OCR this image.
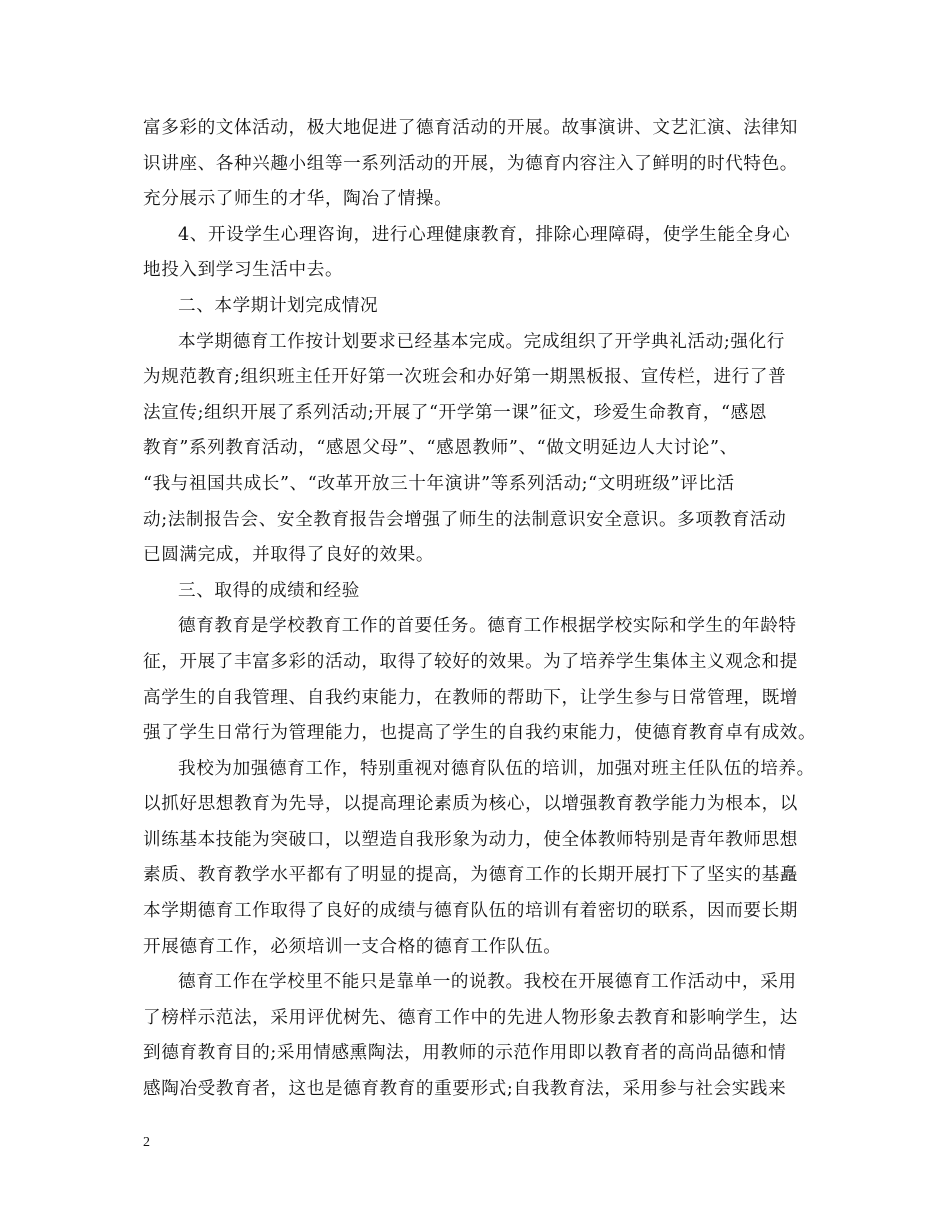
富多彩的文体活动，极大地促进了德育活动的开展。故事演讲、文艺汇演、法律知
识讲座、各种兴趣小组等一系列活动的开展，为德育内容注入了鲜明的时代特色。
充分展示了师生的才华，陶冶了情操。
4、开设学生心理咨询，进行心理健康教育，排除心理障碍，使学生能全身心
地投入到学习生活中去。
二、本学期计划完成情况
本学期德育工作按计划要求已经基本完成。完成组织了开学典礼活动;强化行
为规范教育;组织班主任开好第一次班会和办好第一期黑板报、宣传栏，进行了普
法宣传;组织开展了系列活动;开展了“开学第一课”征文，珍爱生命教育，“感恩
教育”系列教育活动，“感恩父母”、“感恩教师”、“做文明延边人大讨论”、
“我与祖国共成长”、“改革开放三十年演讲”等系列活动;“文明班级”评比活
动;法制报告会、安全教育报告会增强了师生的法制意识安全意识。多项教育活动
已圆满完成，并取得了良好的效果。
三、取得的成绩和经验
德育教育是学校教育工作的首要任务。德育工作根据学校实际和学生的年龄特
征，开展了丰富多彩的活动，取得了较好的效果。为了培养学生集体主义观念和提
高学生的自我管理、自我约束能力，在教师的帮助下，让学生参与日常管理，既增
强了学生日常行为管理能力，也提高了学生的自我约束能力，使德育教育卓有成效。
我校为加强德育工作，特别重视对德育队伍的培训，加强对班主任队伍的培养。
以抓好思想教育为先导，以提高理论素质为核心，以增强教育教学能力为根本，以
训练基本技能为突破口，以塑造自我形象为动力，使全体教师特别是青年教师思想
素质、教育教学水平都有了明显的提高，为德育工作的长期开展打下了坚实的基矗
本学期德育工作取得了良好的成绩与德育队伍的培训有着密切的联系，因而要长期
开展德育工作，必须培训一支合格的德育工作队伍。
德育工作在学校里不能只是靠单一的说教。我校在开展德育工作活动中，采用
了榜样示范法，采用评优树先、德育工作中的先进人物形象去教育和影响学生，达
到德育教育目的;采用情感熏陶法，用教师的示范作用即以教育者的高尚品德和情
感陶冶受教育者，这也是德育教育的重要形式;自我教育法，采用参与社会实践来
2
